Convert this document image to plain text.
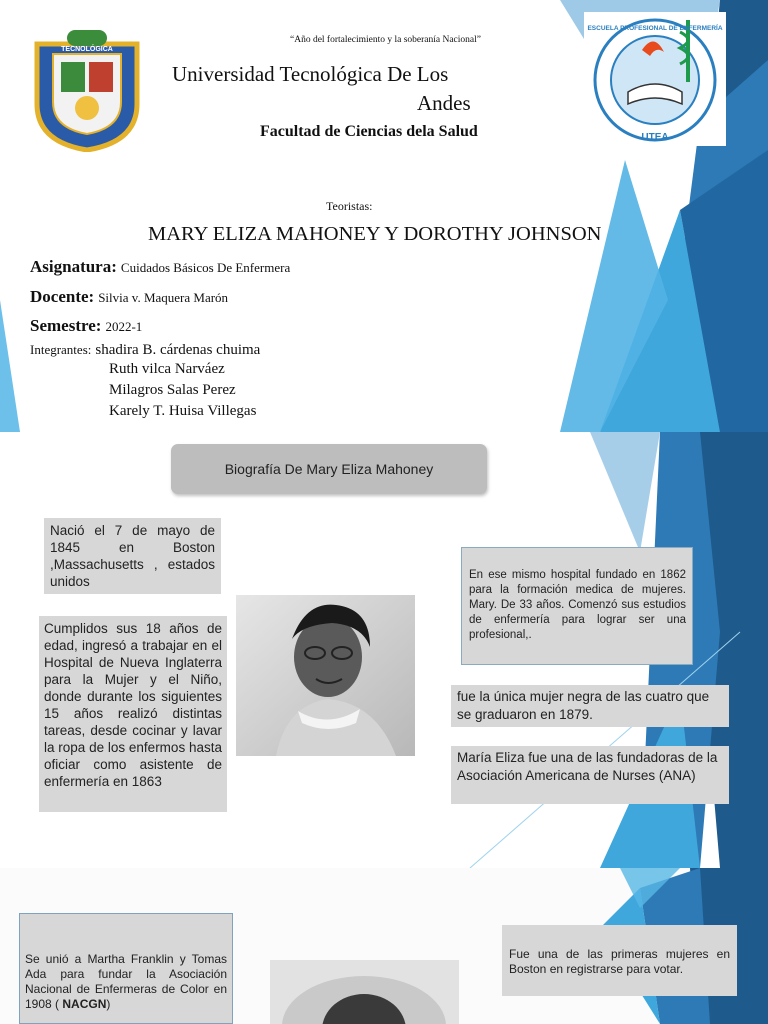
TECNOLÓGICA
“Año del fortalecimiento y la soberanía Nacional”
Universidad Tecnológica De Los
Andes
Facultad de Ciencias dela Salud	UTEA
ESCUELA PROFESIONAL DE ENFERMERÍA
Teoristas:
MARY ELIZA MAHONEY Y DOROTHY JOHNSON
Asignatura: Cuidados Básicos De Enfermera
Docente: Silvia v. Maquera Marón
Semestre: 2022-1
Integrantes: shadira B. cárdenas chuima
Ruth vilca Narváez
Milagros Salas Perez
Karely T. Huisa Villegas
Biografía De Mary Eliza Mahoney
Nació el 7 de mayo de 1845 en Boston ,Massachusetts , estados unidos
Cumplidos sus 18 años de edad, ingresó a trabajar en el Hospital de Nueva Inglaterra para la Mujer y el Niño, donde durante los siguientes 15 años realizó distintas tareas, desde cocinar y lavar la ropa de los enfermos hasta oficiar como asistente de enfermería en 1863
En ese mismo hospital fundado en 1862 para la formación medica de mujeres. Mary. De 33 años. Comenzó sus estudios de enfermería para lograr ser una profesional,.
fue la única mujer negra de las cuatro que se graduaron en 1879.
María Eliza fue una de las fundadoras de la Asociación Americana de Nurses (ANA)
Se unió a Martha Franklin y Tomas Ada para fundar la Asociación Nacional de Enfermeras de Color en 1908 ( NACGN)
Fue una de las primeras mujeres en Boston en registrarse para votar.
